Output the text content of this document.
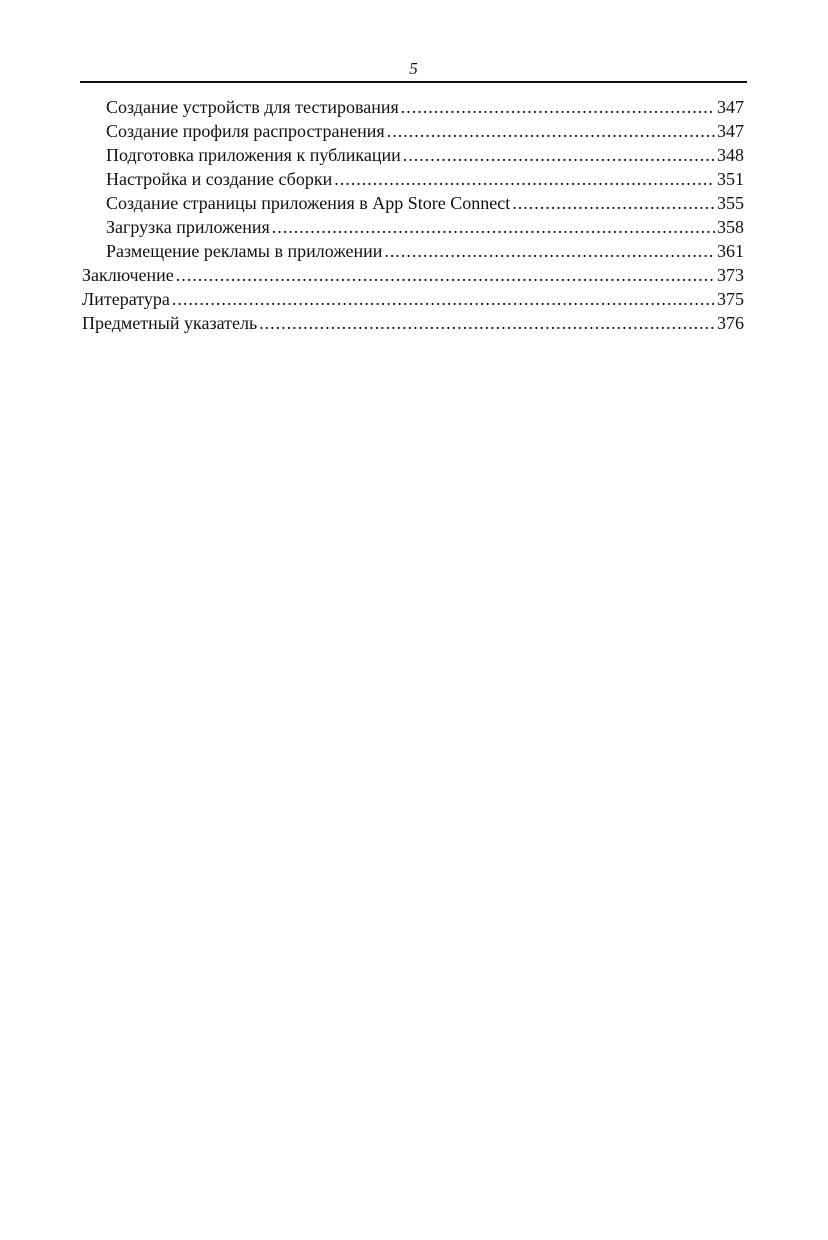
5
Создание устройств для тестирования .....	347
Создание профиля распространения .....	347
Подготовка приложения к публикации .....	348
Настройка и создание сборки .....	351
Создание страницы приложения в App Store Connect .....	355
Загрузка приложения .....	358
Размещение рекламы в приложении .....	361
Заключение .....	373
Литература .....	375
Предметный указатель .....	376
